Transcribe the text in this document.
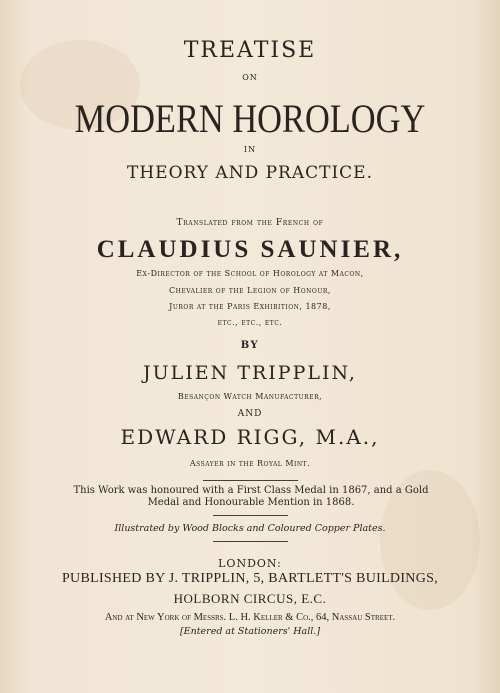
TREATISE
ON
MODERN HOROLOGY
IN
THEORY AND PRACTICE.
Translated from the French of
CLAUDIUS SAUNIER,
Ex-Director of the School of Horology at Macon,
Chevalier of the Legion of Honour,
Juror at the Paris Exhibition, 1878,
etc., etc., etc.
BY
JULIEN TRIPPLIN,
Besançon Watch Manufacturer,
AND
EDWARD RIGG, M.A.,
Assayer in the Royal Mint.
This Work was honoured with a First Class Medal in 1867, and a Gold Medal and Honourable Mention in 1868.
Illustrated by Wood Blocks and Coloured Copper Plates.
LONDON:
PUBLISHED BY J. TRIPPLIN, 5, BARTLETT'S BUILDINGS,
HOLBORN CIRCUS, E.C.
And at New York of Messrs. L. H. Keller & Co., 64, Nassau Street.
[Entered at Stationers' Hall.]
